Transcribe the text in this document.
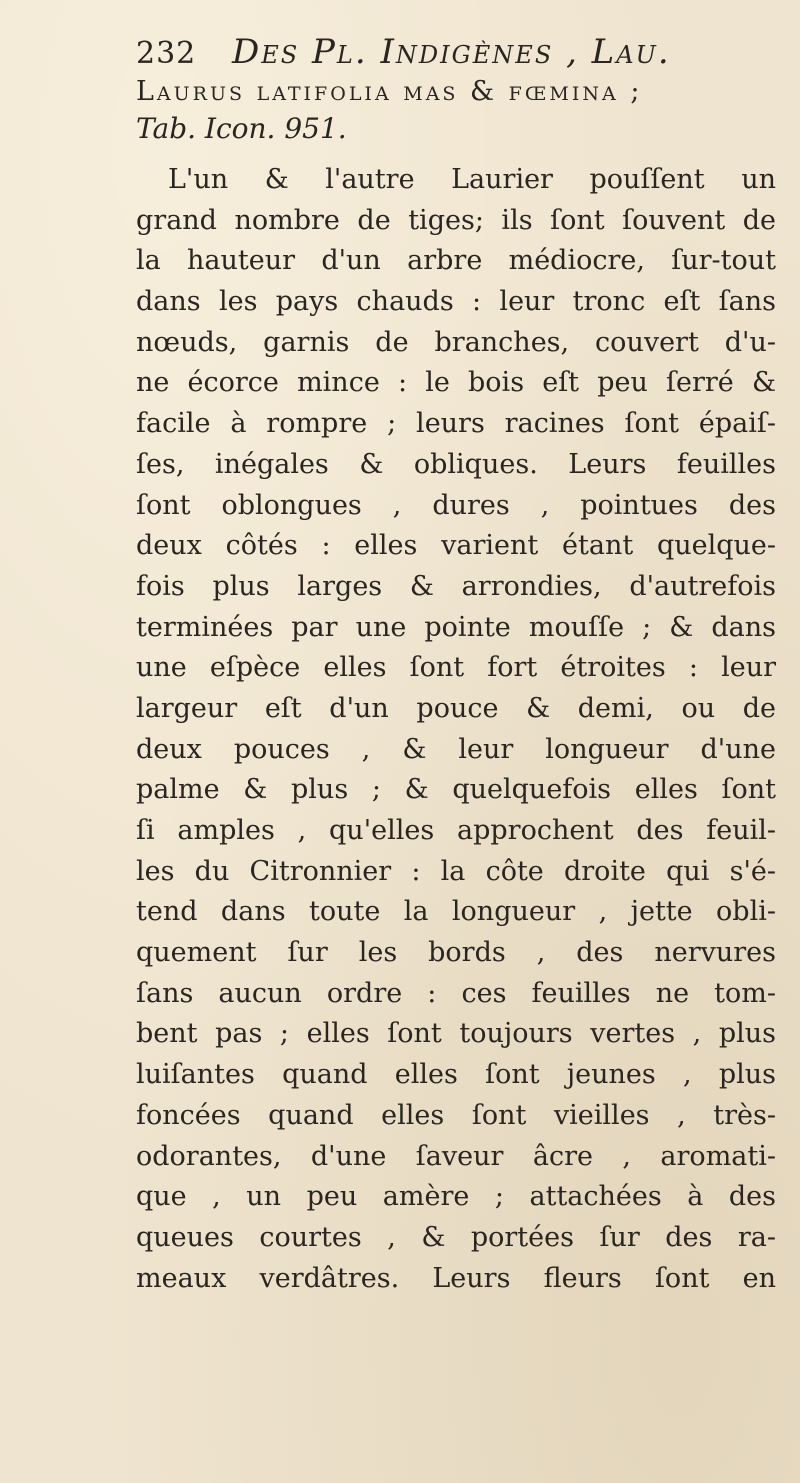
232 Des Pl. Indigènes , Lau.
Laurus latifolia mas & fœmina ;
Tab. Icon. 951.
L'un & l'autre Laurier pouſſent un
grand nombre de tiges; ils ſont ſouvent de
la hauteur d'un arbre médiocre, ſur-tout
dans les pays chauds : leur tronc eſt ſans
nœuds, garnis de branches, couvert d'u-
ne écorce mince : le bois eſt peu ſerré &
facile à rompre ; leurs racines ſont épaiſ-
ſes, inégales & obliques. Leurs feuilles
ſont oblongues , dures , pointues des
deux côtés : elles varient étant quelque-
fois plus larges & arrondies, d'autrefois
terminées par une pointe mouſſe ; & dans
une eſpèce elles ſont fort étroites : leur
largeur eſt d'un pouce & demi, ou de
deux pouces , & leur longueur d'une
palme & plus ; & quelquefois elles ſont
ſi amples , qu'elles approchent des feuil-
les du Citronnier : la côte droite qui s'é-
tend dans toute la longueur , jette obli-
quement ſur les bords , des nervures
ſans aucun ordre : ces feuilles ne tom-
bent pas ; elles ſont toujours vertes , plus
luiſantes quand elles ſont jeunes , plus
foncées quand elles ſont vieilles , très-
odorantes, d'une ſaveur âcre , aromati-
que , un peu amère ; attachées à des
queues courtes , & portées ſur des ra-
meaux verdâtres. Leurs fleurs ſont en
